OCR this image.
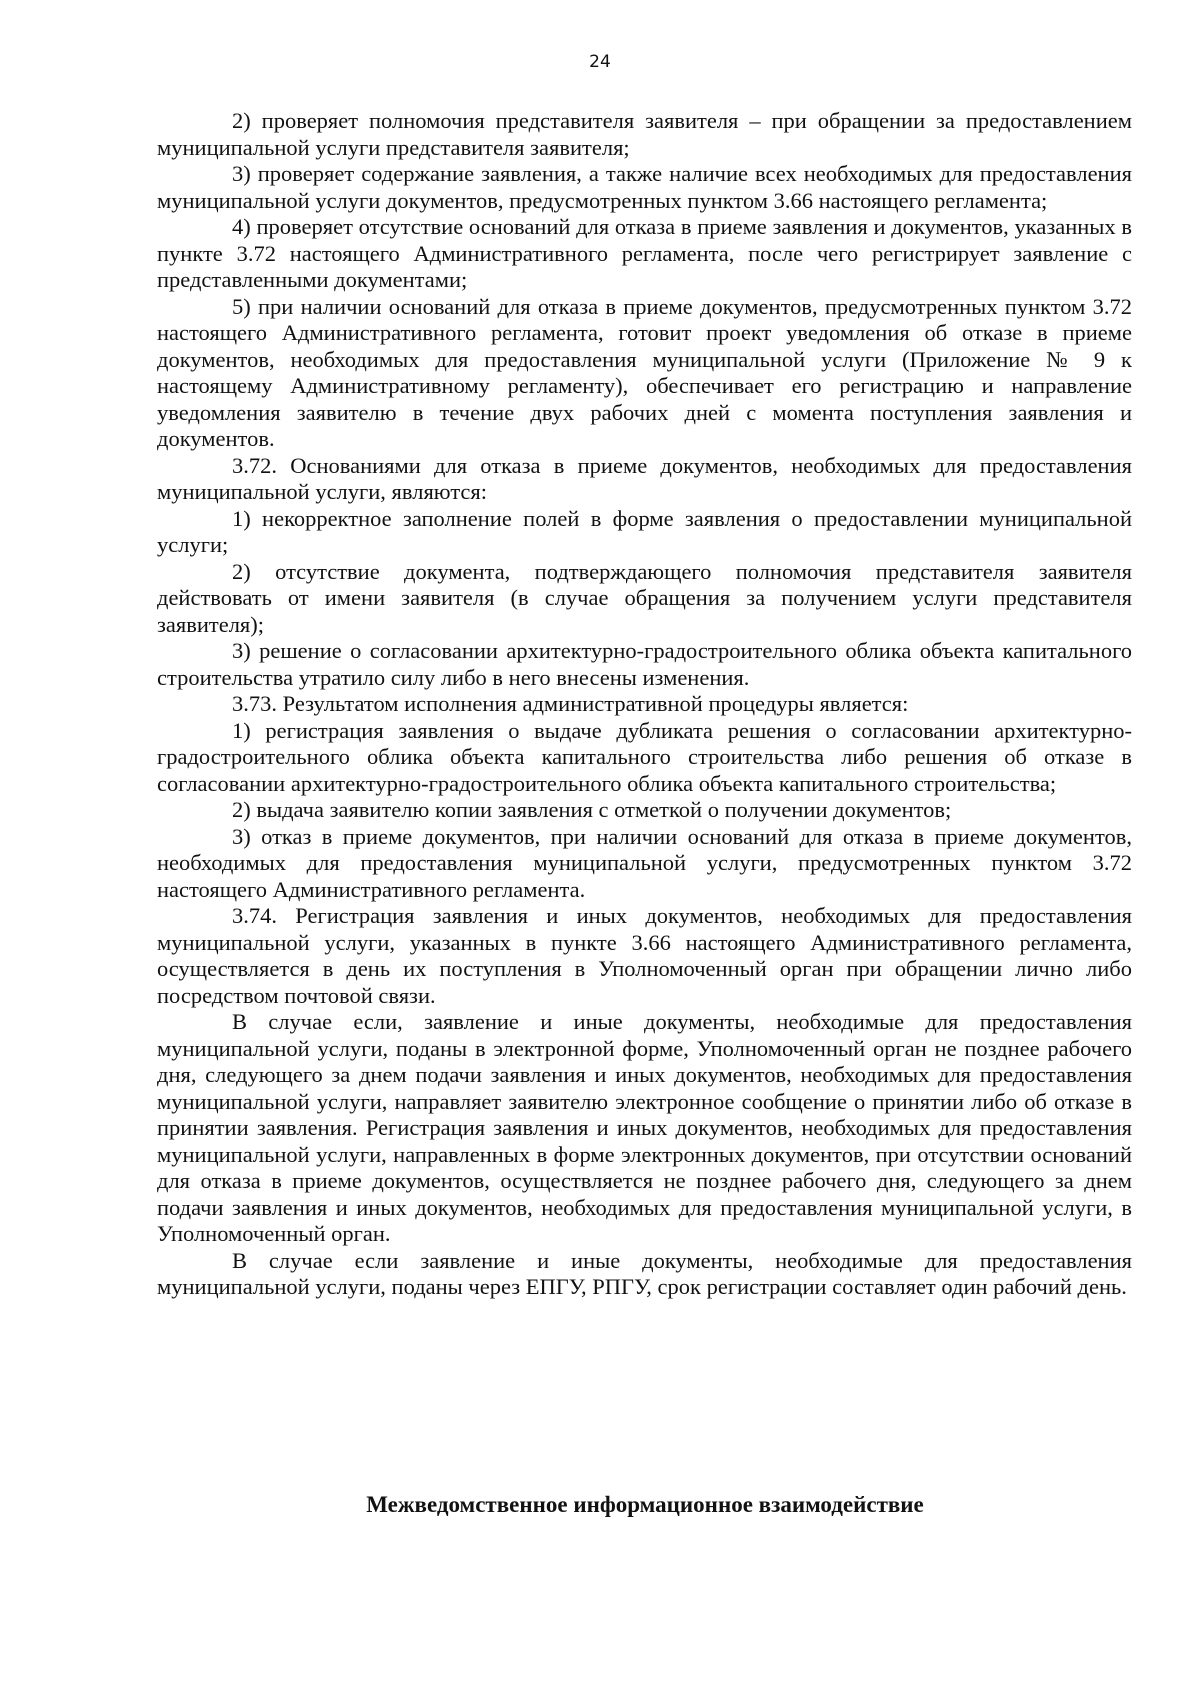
24

2) проверяет полномочия представителя заявителя – при обращении за предоставлением муниципальной услуги представителя заявителя;

3) проверяет содержание заявления, а также наличие всех необходимых для предоставления муниципальной услуги документов, предусмотренных пунктом 3.66 настоящего регламента;

4) проверяет отсутствие оснований для отказа в приеме заявления и документов, указанных в пункте 3.72 настоящего Административного регламента, после чего регистрирует заявление с представленными документами;

5) при наличии оснований для отказа в приеме документов, предусмотренных пунктом 3.72 настоящего Административного регламента, готовит проект уведомления об отказе в приеме документов, необходимых для предоставления муниципальной услуги (Приложение № 9 к настоящему Административному регламенту), обеспечивает его регистрацию и направление уведомления заявителю в течение двух рабочих дней с момента поступления заявления и документов.

3.72. Основаниями для отказа в приеме документов, необходимых для предоставления муниципальной услуги, являются:

1) некорректное заполнение полей в форме заявления о предоставлении муниципальной услуги;

2) отсутствие документа, подтверждающего полномочия представителя заявителя действовать от имени заявителя (в случае обращения за получением услуги представителя заявителя);

3) решение о согласовании архитектурно-градостроительного облика объекта капитального строительства утратило силу либо в него внесены изменения.

3.73. Результатом исполнения административной процедуры является:

1) регистрация заявления о выдаче дубликата решения о согласовании архитектурно-градостроительного облика объекта капитального строительства либо решения об отказе в согласовании архитектурно-градостроительного облика объекта капитального строительства;

2) выдача заявителю копии заявления с отметкой о получении документов;

3) отказ в приеме документов, при наличии оснований для отказа в приеме документов, необходимых для предоставления муниципальной услуги, предусмотренных пунктом 3.72 настоящего Административного регламента.

3.74. Регистрация заявления и иных документов, необходимых для предоставления муниципальной услуги, указанных в пункте 3.66 настоящего Административного регламента, осуществляется в день их поступления в Уполномоченный орган при обращении лично либо посредством почтовой связи.

В случае если, заявление и иные документы, необходимые для предоставления муниципальной услуги, поданы в электронной форме, Уполномоченный орган не позднее рабочего дня, следующего за днем подачи заявления и иных документов, необходимых для предоставления муниципальной услуги, направляет заявителю электронное сообщение о принятии либо об отказе в принятии заявления. Регистрация заявления и иных документов, необходимых для предоставления муниципальной услуги, направленных в форме электронных документов, при отсутствии оснований для отказа в приеме документов, осуществляется не позднее рабочего дня, следующего за днем подачи заявления и иных документов, необходимых для предоставления муниципальной услуги, в Уполномоченный орган.

В случае если заявление и иные документы, необходимые для предоставления муниципальной услуги, поданы через ЕПГУ, РПГУ, срок регистрации составляет один рабочий день.

Межведомственное информационное взаимодействие
